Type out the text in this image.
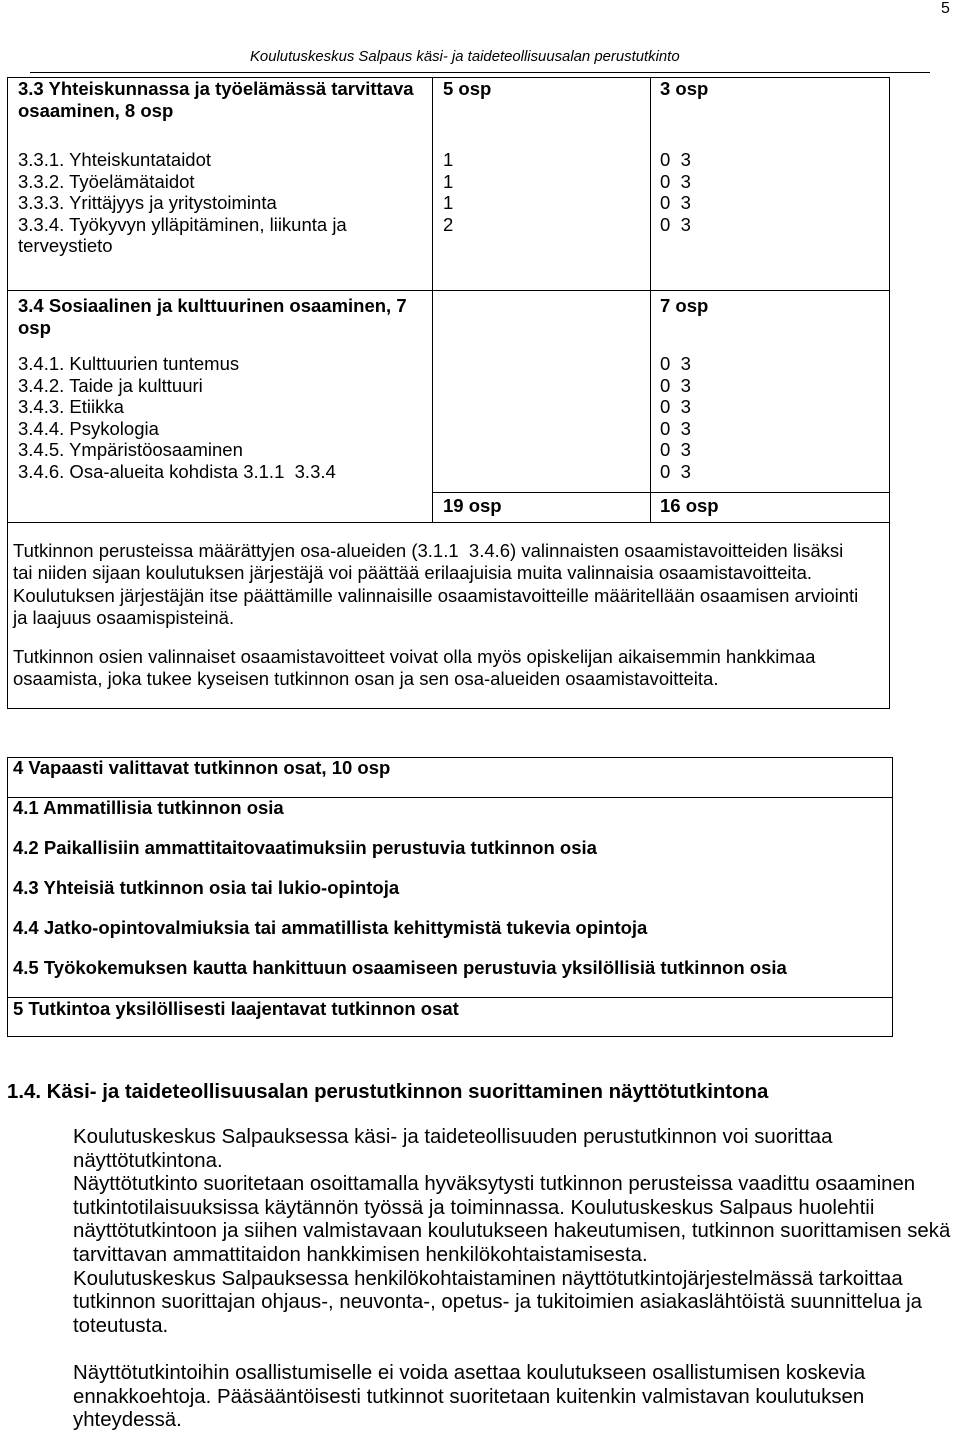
5
Koulutuskeskus Salpaus käsi- ja taideteollisuusalan perustutkinto
3.3 Yhteiskunnassa ja työelämässä tarvittava osaaminen, 8 osp
5 osp	3 osp
3.3.1. Yhteiskuntataidot
3.3.2. Työelämätaidot
3.3.3. Yrittäjyys ja yritystoiminta
3.3.4. Työkyvyn ylläpitäminen, liikunta ja terveystieto
1
1
1
2
0  3
0  3
0  3
0  3
3.4 Sosiaalinen ja kulttuurinen osaaminen, 7 osp
7 osp
3.4.1. Kulttuurien tuntemus
3.4.2. Taide ja kulttuuri
3.4.3. Etiikka
3.4.4. Psykologia
3.4.5. Ympäristöosaaminen
3.4.6. Osa-alueita kohdista 3.1.1  3.3.4
0  3
0  3
0  3
0  3
0  3
0  3
19 osp	16 osp
Tutkinnon perusteissa määrättyjen osa-alueiden (3.1.1  3.4.6) valinnaisten osaamistavoitteiden lisäksi
tai niiden sijaan koulutuksen järjestäjä voi päättää erilaajuisia muita valinnaisia osaamistavoitteita.
Koulutuksen järjestäjän itse päättämille valinnaisille osaamistavoitteille määritellään osaamisen arviointi
ja laajuus osaamispisteinä.
Tutkinnon osien valinnaiset osaamistavoitteet voivat olla myös opiskelijan aikaisemmin hankkimaa
osaamista, joka tukee kyseisen tutkinnon osan ja sen osa-alueiden osaamistavoitteita.
4 Vapaasti valittavat tutkinnon osat, 10 osp
4.1 Ammatillisia tutkinnon osia
4.2 Paikallisiin ammattitaitovaatimuksiin perustuvia tutkinnon osia
4.3 Yhteisiä tutkinnon osia tai lukio-opintoja
4.4 Jatko-opintovalmiuksia tai ammatillista kehittymistä tukevia opintoja
4.5 Työkokemuksen kautta hankittuun osaamiseen perustuvia yksilöllisiä tutkinnon osia
5 Tutkintoa yksilöllisesti laajentavat tutkinnon osat
1.4. Käsi- ja taideteollisuusalan perustutkinnon suorittaminen näyttötutkintona
Koulutuskeskus Salpauksessa käsi- ja taideteollisuuden perustutkinnon voi suorittaa
näyttötutkintona.
Näyttötutkinto suoritetaan osoittamalla hyväksytysti tutkinnon perusteissa vaadittu osaaminen
tutkintotilaisuuksissa käytännön työssä ja toiminnassa. Koulutuskeskus Salpaus huolehtii
näyttötutkintoon ja siihen valmistavaan koulutukseen hakeutumisen, tutkinnon suorittamisen sekä
tarvittavan ammattitaidon hankkimisen henkilökohtaistamisesta.
Koulutuskeskus Salpauksessa henkilökohtaistaminen näyttötutkintojärjestelmässä tarkoittaa
tutkinnon suorittajan ohjaus-, neuvonta-, opetus- ja tukitoimien asiakaslähtöistä suunnittelua ja
toteutusta.
Näyttötutkintoihin osallistumiselle ei voida asettaa koulutukseen osallistumisen koskevia
ennakkoehtoja. Pääsääntöisesti tutkinnot suoritetaan kuitenkin valmistavan koulutuksen
yhteydessä.
